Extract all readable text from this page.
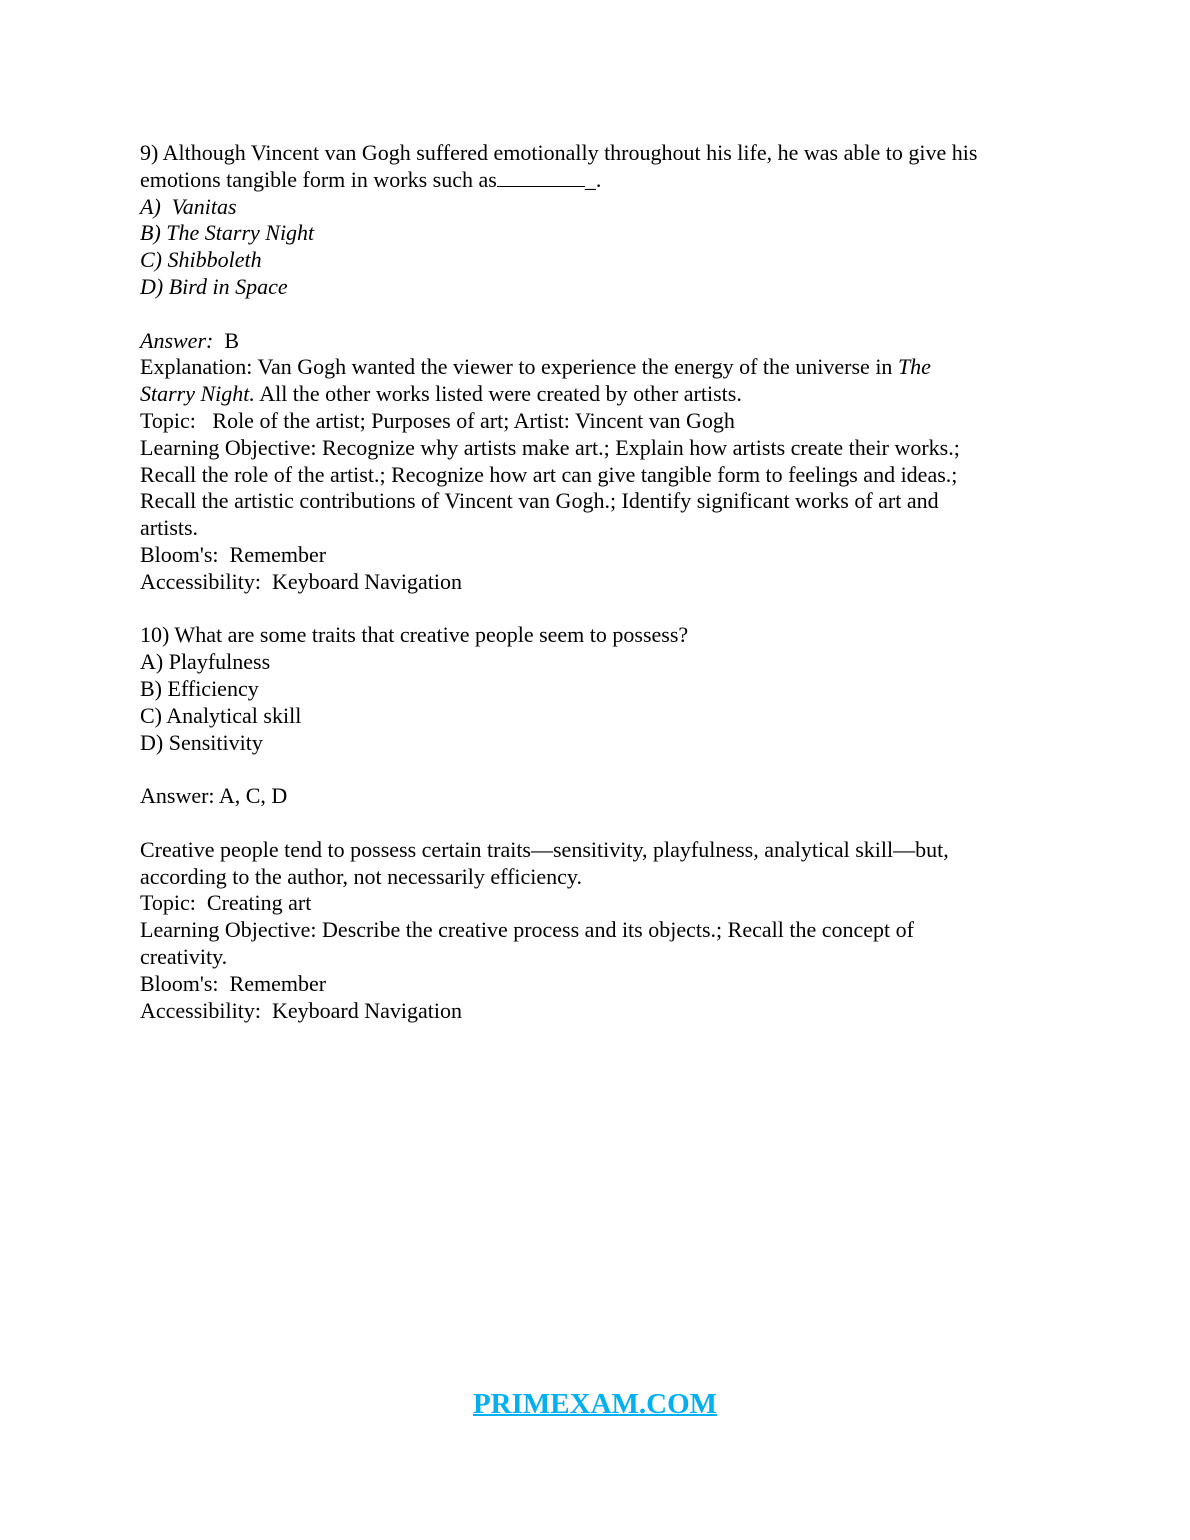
9) Although Vincent van Gogh suffered emotionally throughout his life, he was able to give his
emotions tangible form in works such as	_.
A)  Vanitas
B) The Starry Night
C) Shibboleth
D) Bird in Space
Answer:  B
Explanation: Van Gogh wanted the viewer to experience the energy of the universe in The
Starry Night. All the other works listed were created by other artists.
Topic:   Role of the artist; Purposes of art; Artist: Vincent van Gogh
Learning Objective: Recognize why artists make art.; Explain how artists create their works.;
Recall the role of the artist.; Recognize how art can give tangible form to feelings and ideas.;
Recall the artistic contributions of Vincent van Gogh.; Identify significant works of art and
artists.
Bloom's:  Remember
Accessibility:  Keyboard Navigation
10) What are some traits that creative people seem to possess?
A) Playfulness
B) Efficiency
C) Analytical skill
D) Sensitivity
Answer: A, C, D
Creative people tend to possess certain traits—sensitivity, playfulness, analytical skill—but,
according to the author, not necessarily efficiency.
Topic:  Creating art
Learning Objective: Describe the creative process and its objects.; Recall the concept of
creativity.
Bloom's:  Remember
Accessibility:  Keyboard Navigation
PRIMEXAM.COM
